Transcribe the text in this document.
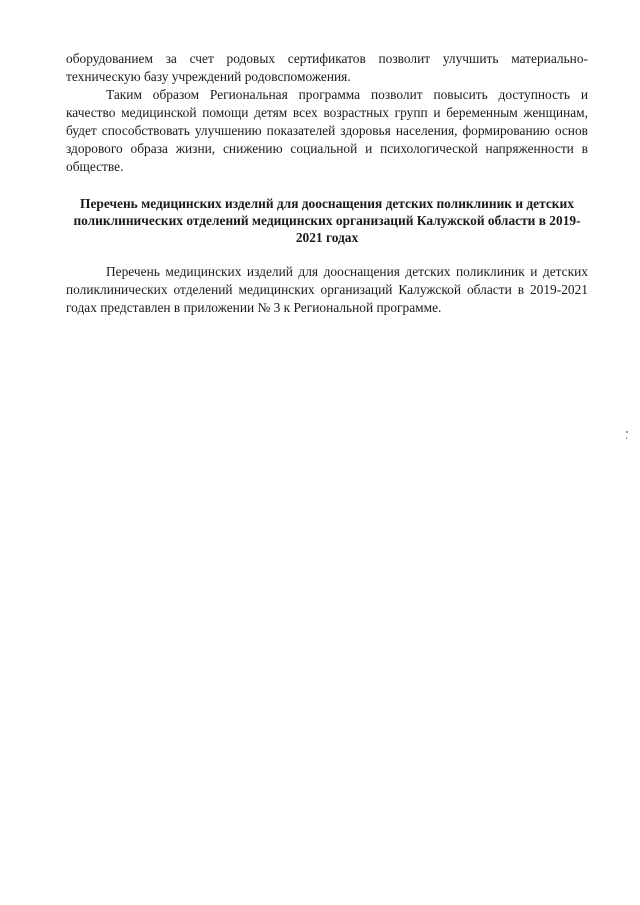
оборудованием за счет родовых сертификатов позволит улучшить материально-техническую базу учреждений родовспоможения.

Таким образом Региональная программа позволит повысить доступность и качество медицинской помощи детям всех возрастных групп и беременным женщинам, будет способствовать улучшению показателей здоровья населения, формированию основ здорового образа жизни, снижению социальной и психологической напряженности в обществе.

Перечень медицинских изделий для дооснащения детских поликлиник и детских поликлинических отделений медицинских организаций Калужской области в 2019-2021 годах

Перечень медицинских изделий для дооснащения детских поликлиник и детских поликлинических отделений медицинских организаций Калужской области в 2019-2021 годах представлен в приложении № 3 к Региональной программе.
